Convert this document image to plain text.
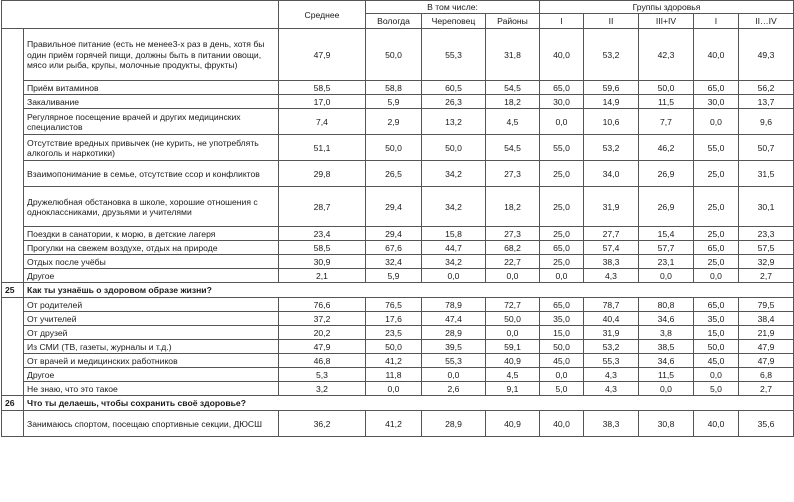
		Среднее	В том числе:			Группы здоровья				
			Вологда	Череповец	Районы	I	II	III+IV	I	II…IV
	Правильное питание (есть не менее3-х раз в день, хотя бы один приём горячей пищи, должны быть в питании овощи, мясо или рыба, крупы, молочные продукты, фрукты)	47,9	50,0	55,3	31,8	40,0	53,2	42,3	40,0	49,3
	Приём витаминов	58,5	58,8	60,5	54,5	65,0	59,6	50,0	65,0	56,2
	Закаливание	17,0	5,9	26,3	18,2	30,0	14,9	11,5	30,0	13,7
	Регулярное посещение врачей и других медицинских специалистов	7,4	2,9	13,2	4,5	0,0	10,6	7,7	0,0	9,6
	Отсутствие вредных привычек (не курить, не употреблять алкоголь и наркотики)	51,1	50,0	50,0	54,5	55,0	53,2	46,2	55,0	50,7
	Взаимопонимание в семье, отсутствие ссор и конфликтов	29,8	26,5	34,2	27,3	25,0	34,0	26,9	25,0	31,5
	Дружелюбная обстановка в школе, хорошие отношения с одноклассниками, друзьями и учителями	28,7	29,4	34,2	18,2	25,0	31,9	26,9	25,0	30,1
	Поездки в санатории, к морю, в детские лагеря	23,4	29,4	15,8	27,3	25,0	27,7	15,4	25,0	23,3
	Прогулки на свежем воздухе, отдых на природе	58,5	67,6	44,7	68,2	65,0	57,4	57,7	65,0	57,5
	Отдых после учёбы	30,9	32,4	34,2	22,7	25,0	38,3	23,1	25,0	32,9
	Другое	2,1	5,9	0,0	0,0	0,0	4,3	0,0	0,0	2,7
25	Как ты узнаёшь о здоровом образе жизни?									
	От родителей	76,6	76,5	78,9	72,7	65,0	78,7	80,8	65,0	79,5
	От учителей	37,2	17,6	47,4	50,0	35,0	40,4	34,6	35,0	38,4
	От друзей	20,2	23,5	28,9	0,0	15,0	31,9	3,8	15,0	21,9
	Из СМИ (ТВ, газеты, журналы и т.д.)	47,9	50,0	39,5	59,1	50,0	53,2	38,5	50,0	47,9
	От врачей и медицинских работников	46,8	41,2	55,3	40,9	45,0	55,3	34,6	45,0	47,9
	Другое	5,3	11,8	0,0	4,5	0,0	4,3	11,5	0,0	6,8
	Не знаю, что это такое	3,2	0,0	2,6	9,1	5,0	4,3	0,0	5,0	2,7
26	Что ты делаешь, чтобы сохранить своё здоровье?									
	Занимаюсь спортом, посещаю спортивные секции, ДЮСШ	36,2	41,2	28,9	40,9	40,0	38,3	30,8	40,0	35,6
